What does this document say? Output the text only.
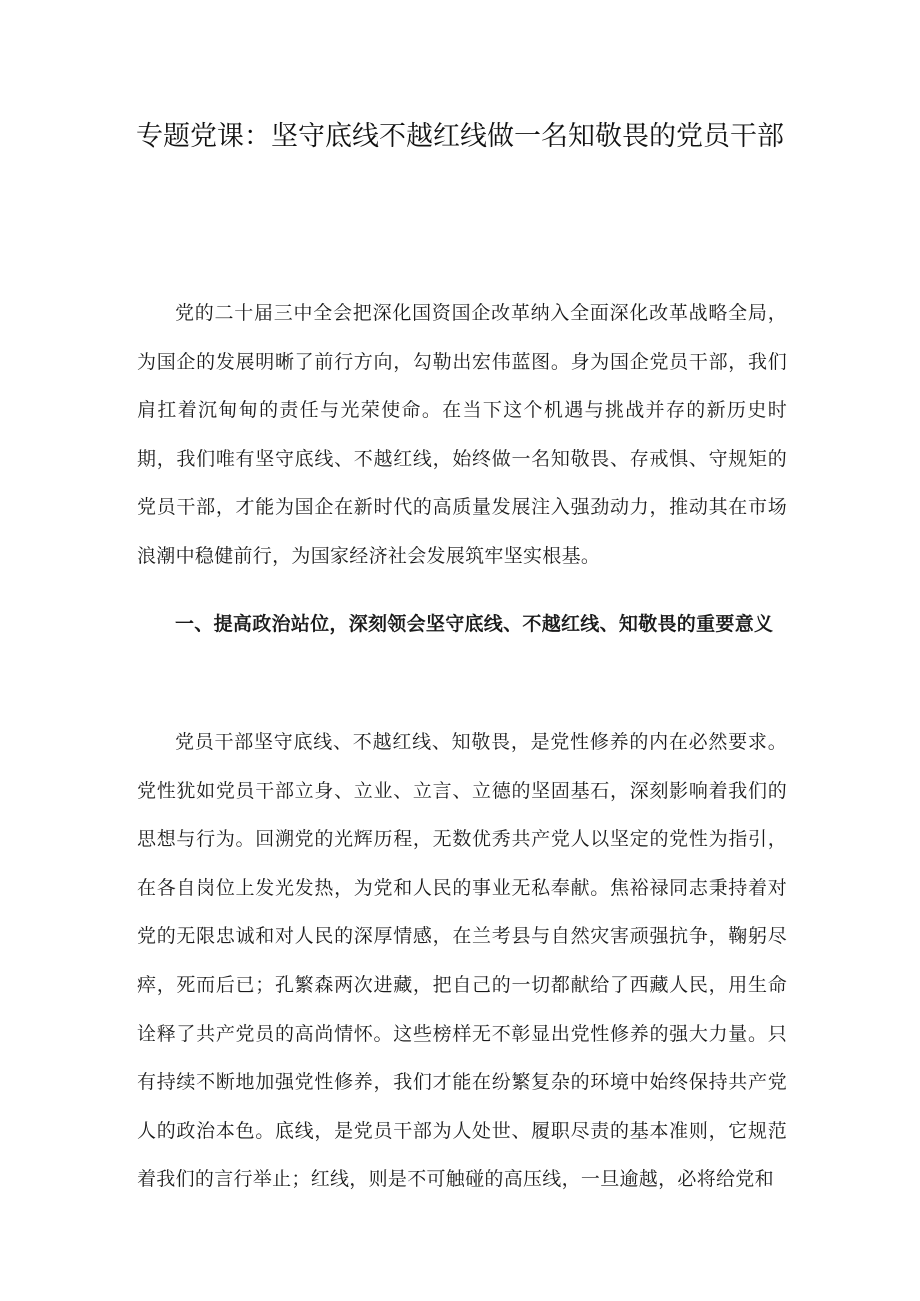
专题党课：坚守底线不越红线做一名知敬畏的党员干部

党的二十届三中全会把深化国资国企改革纳入全面深化改革战略全局，为国企的发展明晰了前行方向，勾勒出宏伟蓝图。身为国企党员干部，我们肩扛着沉甸甸的责任与光荣使命。在当下这个机遇与挑战并存的新历史时期，我们唯有坚守底线、不越红线，始终做一名知敬畏、存戒惧、守规矩的党员干部，才能为国企在新时代的高质量发展注入强劲动力，推动其在市场浪潮中稳健前行，为国家经济社会发展筑牢坚实根基。

一、提高政治站位，深刻领会坚守底线、不越红线、知敬畏的重要意义

党员干部坚守底线、不越红线、知敬畏，是党性修养的内在必然要求。党性犹如党员干部立身、立业、立言、立德的坚固基石，深刻影响着我们的思想与行为。回溯党的光辉历程，无数优秀共产党人以坚定的党性为指引，在各自岗位上发光发热，为党和人民的事业无私奉献。焦裕禄同志秉持着对党的无限忠诚和对人民的深厚情感，在兰考县与自然灾害顽强抗争，鞠躬尽瘁，死而后已；孔繁森两次进藏，把自己的一切都献给了西藏人民，用生命诠释了共产党员的高尚情怀。这些榜样无不彰显出党性修养的强大力量。只有持续不断地加强党性修养，我们才能在纷繁复杂的环境中始终保持共产党人的政治本色。底线，是党员干部为人处世、履职尽责的基本准则，它规范着我们的言行举止；红线，则是不可触碰的高压线，一旦逾越，必将给党和
